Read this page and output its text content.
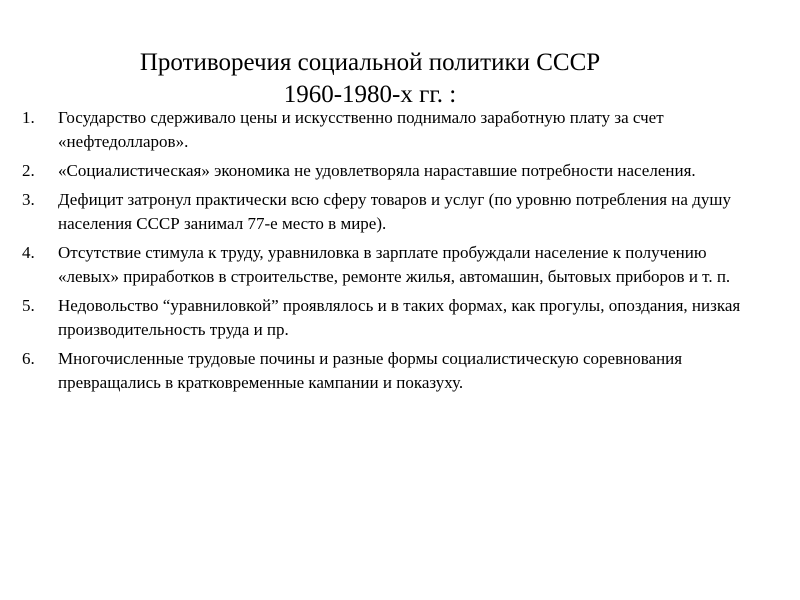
Противоречия социальной политики СССР
1960-1980-х гг. :
1.	Государство сдерживало цены и искусственно поднимало заработную плату за счет «нефтедолларов».
2.	«Социалистическая» экономика не удовлетворяла нараставшие потребности населения.
3.	Дефицит затронул практически всю сферу товаров и услуг (по уровню потребления на душу населения СССР занимал 77-е место в мире).
4.	Отсутствие стимула к труду, уравниловка в зарплате пробуждали население к получению «левых» приработков в строительстве, ремонте жилья, автомашин, бытовых приборов и т. п.
5.	Недовольство “уравниловкой” проявлялось и в таких формах, как прогулы, опоздания, низкая производительность труда и пр.
6.	Многочисленные трудовые почины и разные формы социалистическую соревнования превращались в кратковременные кампании и показуху.
